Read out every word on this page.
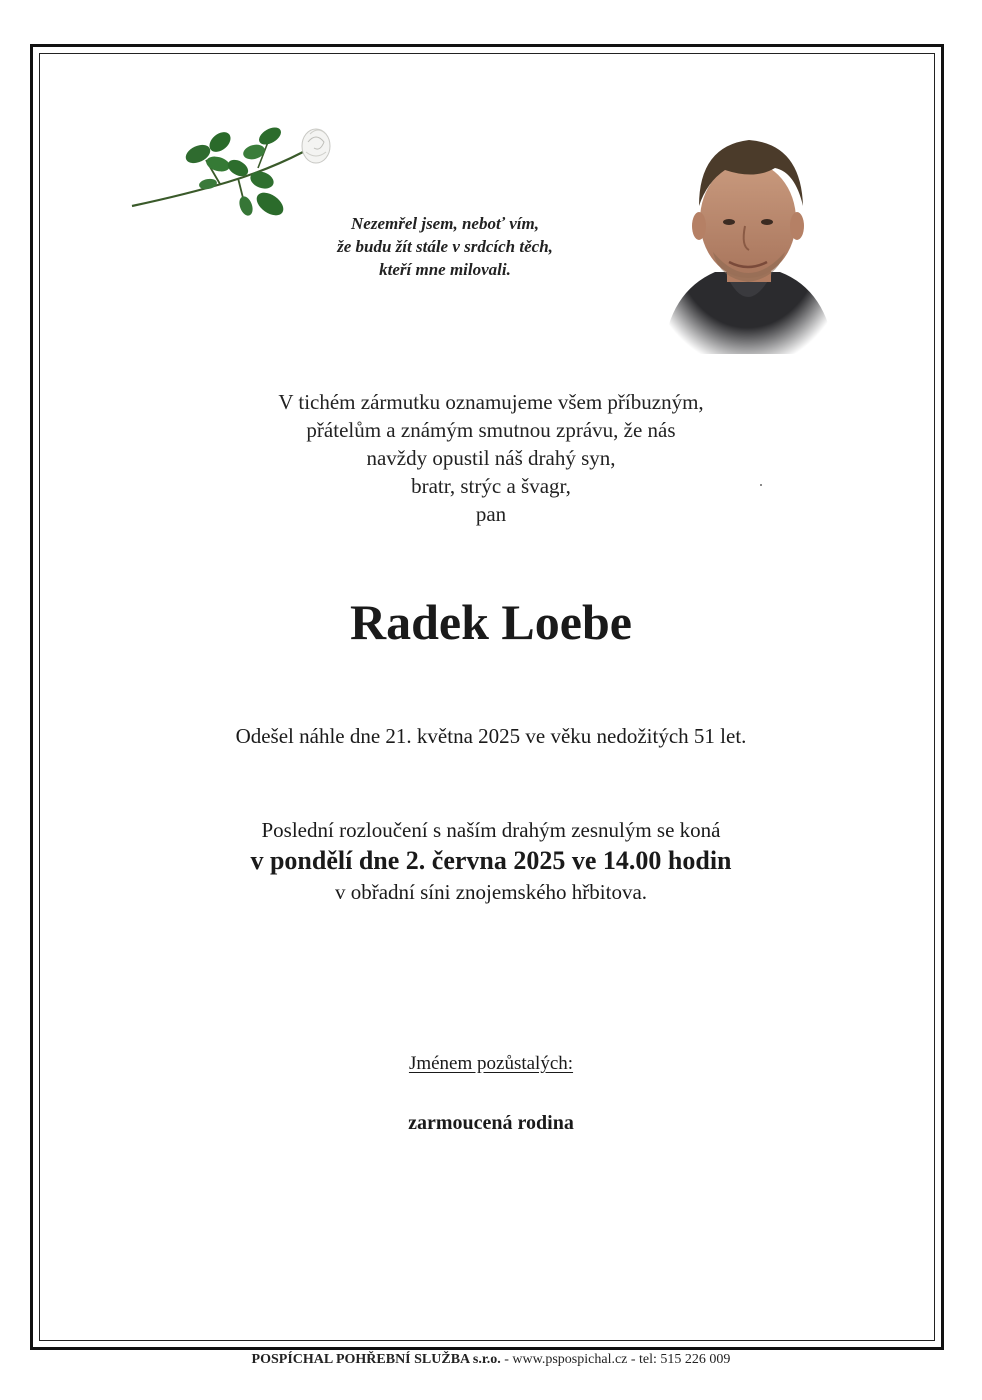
Nezemřel jsem, neboť vím,
že budu žít stále v srdcích těch,
kteří mne milovali.
V tichém zármutku oznamujeme všem příbuzným,
přátelům a známým smutnou zprávu, že nás
navždy opustil náš drahý syn,
bratr, strýc a švagr,
pan
Radek Loebe
Odešel náhle dne 21. května 2025 ve věku nedožitých 51 let.
Poslední rozloučení s naším drahým zesnulým se koná
v pondělí dne 2. června 2025 ve 14.00 hodin
v obřadní síni znojemského hřbitova.
Jménem pozůstalých:
zarmoucená rodina
POSPÍCHAL POHŘEBNÍ SLUŽBA s.r.o. - www.pspospichal.cz - tel: 515 226 009
